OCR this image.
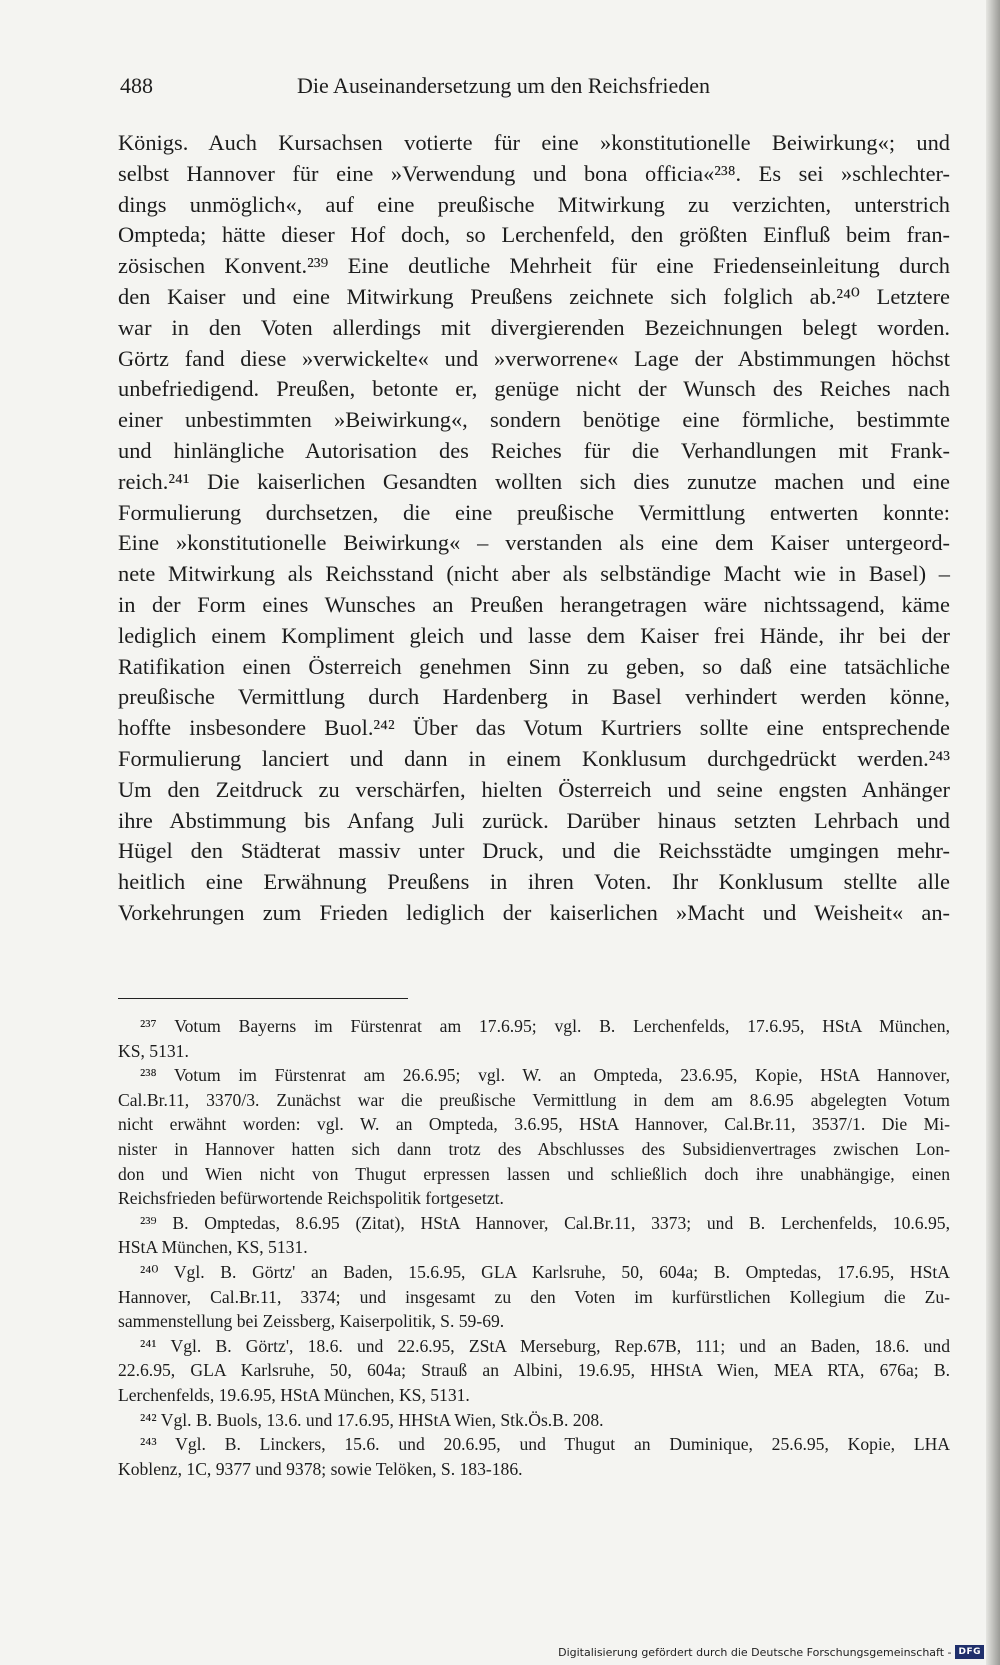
488	Die Auseinandersetzung um den Reichsfrieden
Königs. Auch Kursachsen votierte für eine »konstitutionelle Beiwirkung«; und
selbst Hannover für eine »Verwendung und bona officia«²³⁸. Es sei »schlechter-
dings unmöglich«, auf eine preußische Mitwirkung zu verzichten, unterstrich
Ompteda; hätte dieser Hof doch, so Lerchenfeld, den größten Einfluß beim fran-
zösischen Konvent.²³⁹ Eine deutliche Mehrheit für eine Friedenseinleitung durch
den Kaiser und eine Mitwirkung Preußens zeichnete sich folglich ab.²⁴⁰ Letztere
war in den Voten allerdings mit divergierenden Bezeichnungen belegt worden.
Görtz fand diese »verwickelte« und »verworrene« Lage der Abstimmungen höchst
unbefriedigend. Preußen, betonte er, genüge nicht der Wunsch des Reiches nach
einer unbestimmten »Beiwirkung«, sondern benötige eine förmliche, bestimmte
und hinlängliche Autorisation des Reiches für die Verhandlungen mit Frank-
reich.²⁴¹ Die kaiserlichen Gesandten wollten sich dies zunutze machen und eine
Formulierung durchsetzen, die eine preußische Vermittlung entwerten konnte:
Eine »konstitutionelle Beiwirkung« – verstanden als eine dem Kaiser untergeord-
nete Mitwirkung als Reichsstand (nicht aber als selbständige Macht wie in Basel) –
in der Form eines Wunsches an Preußen herangetragen wäre nichtssagend, käme
lediglich einem Kompliment gleich und lasse dem Kaiser frei Hände, ihr bei der
Ratifikation einen Österreich genehmen Sinn zu geben, so daß eine tatsächliche
preußische Vermittlung durch Hardenberg in Basel verhindert werden könne,
hoffte insbesondere Buol.²⁴² Über das Votum Kurtriers sollte eine entsprechende
Formulierung lanciert und dann in einem Konklusum durchgedrückt werden.²⁴³
Um den Zeitdruck zu verschärfen, hielten Österreich und seine engsten Anhänger
ihre Abstimmung bis Anfang Juli zurück. Darüber hinaus setzten Lehrbach und
Hügel den Städterat massiv unter Druck, und die Reichsstädte umgingen mehr-
heitlich eine Erwähnung Preußens in ihren Voten. Ihr Konklusum stellte alle
Vorkehrungen zum Frieden lediglich der kaiserlichen »Macht und Weisheit« an-
²³⁷ Votum Bayerns im Fürstenrat am 17.6.95; vgl. B. Lerchenfelds, 17.6.95, HStA München,
KS, 5131.
²³⁸ Votum im Fürstenrat am 26.6.95; vgl. W. an Ompteda, 23.6.95, Kopie, HStA Hannover,
Cal.Br.11, 3370/3. Zunächst war die preußische Vermittlung in dem am 8.6.95 abgelegten Votum
nicht erwähnt worden: vgl. W. an Ompteda, 3.6.95, HStA Hannover, Cal.Br.11, 3537/1. Die Mi-
nister in Hannover hatten sich dann trotz des Abschlusses des Subsidienvertrages zwischen Lon-
don und Wien nicht von Thugut erpressen lassen und schließlich doch ihre unabhängige, einen
Reichsfrieden befürwortende Reichspolitik fortgesetzt.
²³⁹ B. Omptedas, 8.6.95 (Zitat), HStA Hannover, Cal.Br.11, 3373; und B. Lerchenfelds, 10.6.95,
HStA München, KS, 5131.
²⁴⁰ Vgl. B. Görtz' an Baden, 15.6.95, GLA Karlsruhe, 50, 604a; B. Omptedas, 17.6.95, HStA
Hannover, Cal.Br.11, 3374; und insgesamt zu den Voten im kurfürstlichen Kollegium die Zu-
sammenstellung bei Zeissberg, Kaiserpolitik, S. 59-69.
²⁴¹ Vgl. B. Görtz', 18.6. und 22.6.95, ZStA Merseburg, Rep.67B, 111; und an Baden, 18.6. und
22.6.95, GLA Karlsruhe, 50, 604a; Strauß an Albini, 19.6.95, HHStA Wien, MEA RTA, 676a; B.
Lerchenfelds, 19.6.95, HStA München, KS, 5131.
²⁴² Vgl. B. Buols, 13.6. und 17.6.95, HHStA Wien, Stk.Ös.B. 208.
²⁴³ Vgl. B. Linckers, 15.6. und 20.6.95, und Thugut an Duminique, 25.6.95, Kopie, LHA
Koblenz, 1C, 9377 und 9378; sowie Telöken, S. 183-186.
Digitalisierung gefördert durch die Deutsche Forschungsgemeinschaft - DFG
